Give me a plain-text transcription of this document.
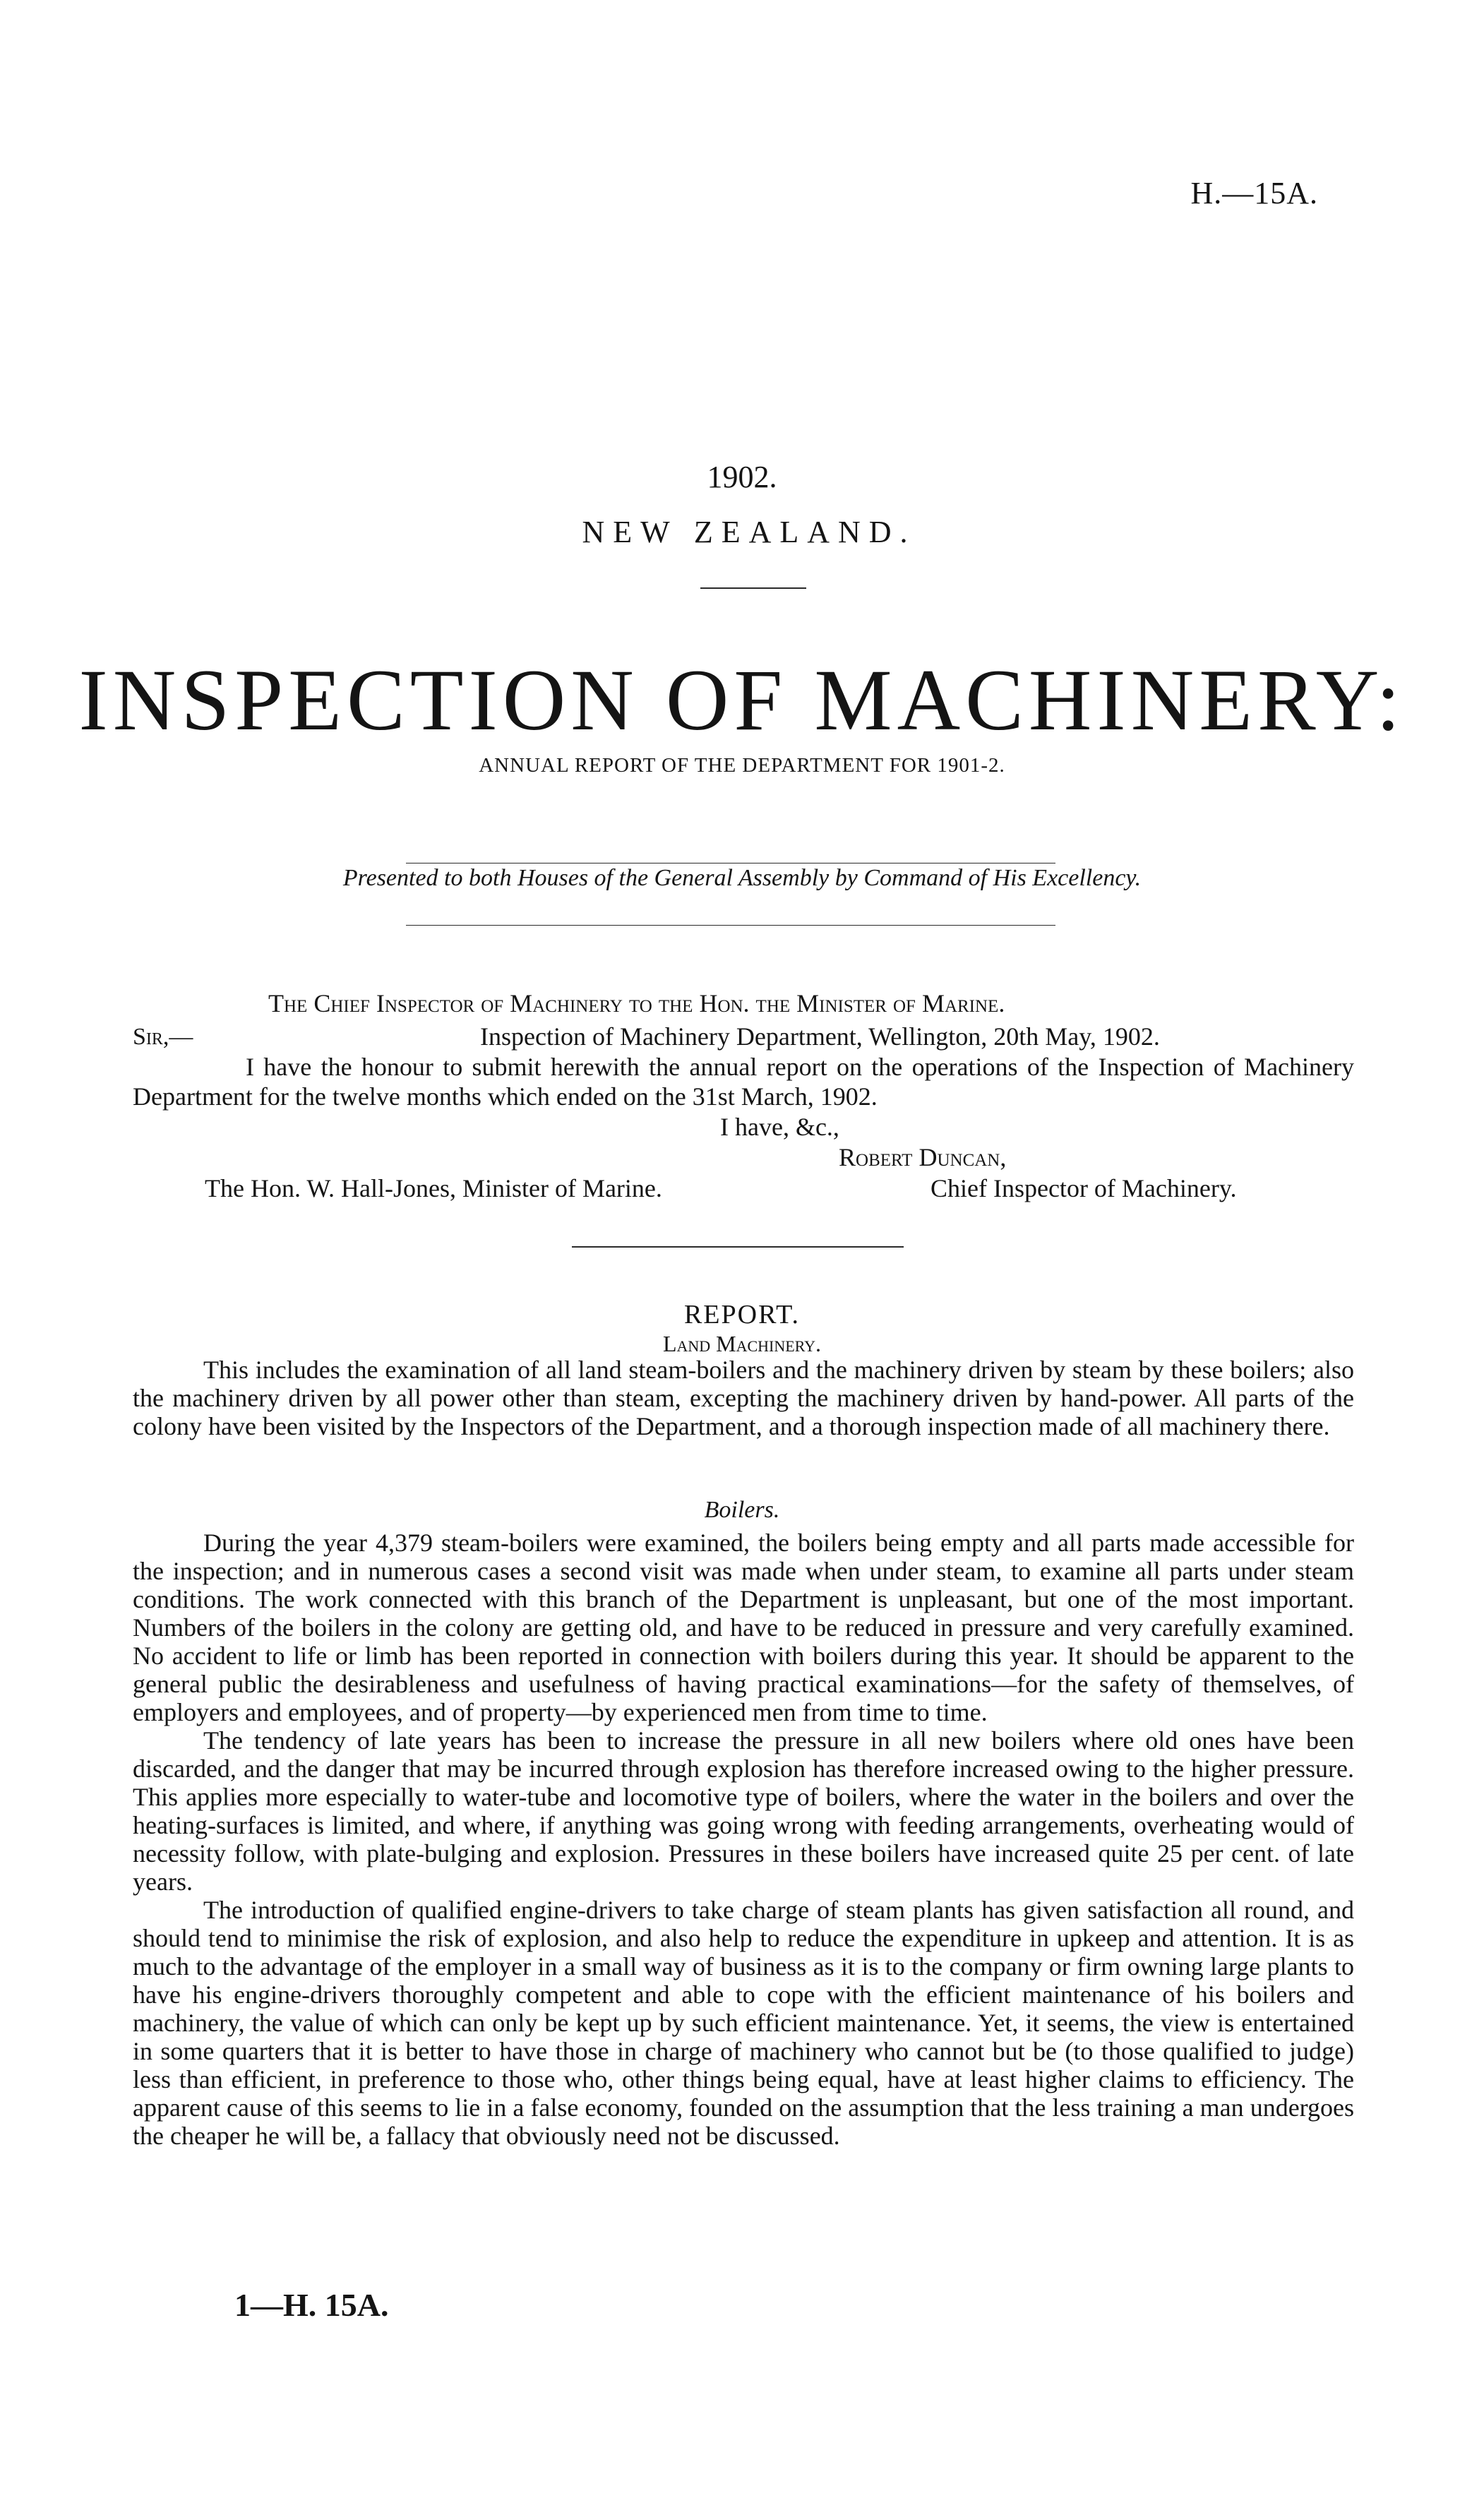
H.—15A.
1902.
NEW ZEALAND.
INSPECTION OF MACHINERY:
ANNUAL REPORT OF THE DEPARTMENT FOR 1901-2.
Presented to both Houses of the General Assembly by Command of His Excellency.
The Chief Inspector of Machinery to the Hon. the Minister of Marine.
Sir,—	Inspection of Machinery Department, Wellington, 20th May, 1902.

I have the honour to submit herewith the annual report on the operations of the Inspection of Machinery Department for the twelve months which ended on the 31st March, 1902.

I have, &c.,
Robert Duncan,
The Hon. W. Hall-Jones, Minister of Marine.	Chief Inspector of Machinery.
REPORT.
Land Machinery.

This includes the examination of all land steam-boilers and the machinery driven by steam by these boilers; also the machinery driven by all power other than steam, excepting the machinery driven by hand-power. All parts of the colony have been visited by the Inspectors of the Department, and a thorough inspection made of all machinery there.

Boilers.

During the year 4,379 steam-boilers were examined, the boilers being empty and all parts made accessible for the inspection; and in numerous cases a second visit was made when under steam, to examine all parts under steam conditions. The work connected with this branch of the Department is unpleasant, but one of the most important. Numbers of the boilers in the colony are getting old, and have to be reduced in pressure and very carefully examined. No accident to life or limb has been reported in connection with boilers during this year. It should be apparent to the general public the desirableness and usefulness of having practical examinations—for the safety of themselves, of employers and employees, and of property—by experienced men from time to time.

The tendency of late years has been to increase the pressure in all new boilers where old ones have been discarded, and the danger that may be incurred through explosion has therefore increased owing to the higher pressure. This applies more especially to water-tube and locomotive type of boilers, where the water in the boilers and over the heating-surfaces is limited, and where, if anything was going wrong with feeding arrangements, overheating would of necessity follow, with plate-bulging and explosion. Pressures in these boilers have increased quite 25 per cent. of late years.

The introduction of qualified engine-drivers to take charge of steam plants has given satisfaction all round, and should tend to minimise the risk of explosion, and also help to reduce the expenditure in upkeep and attention. It is as much to the advantage of the employer in a small way of business as it is to the company or firm owning large plants to have his engine-drivers thoroughly competent and able to cope with the efficient maintenance of his boilers and machinery, the value of which can only be kept up by such efficient maintenance. Yet, it seems, the view is entertained in some quarters that it is better to have those in charge of machinery who cannot but be (to those qualified to judge) less than efficient, in preference to those who, other things being equal, have at least higher claims to efficiency. The apparent cause of this seems to lie in a false economy, founded on the assumption that the less training a man undergoes the cheaper he will be, a fallacy that obviously need not be discussed.

1—H. 15A.
